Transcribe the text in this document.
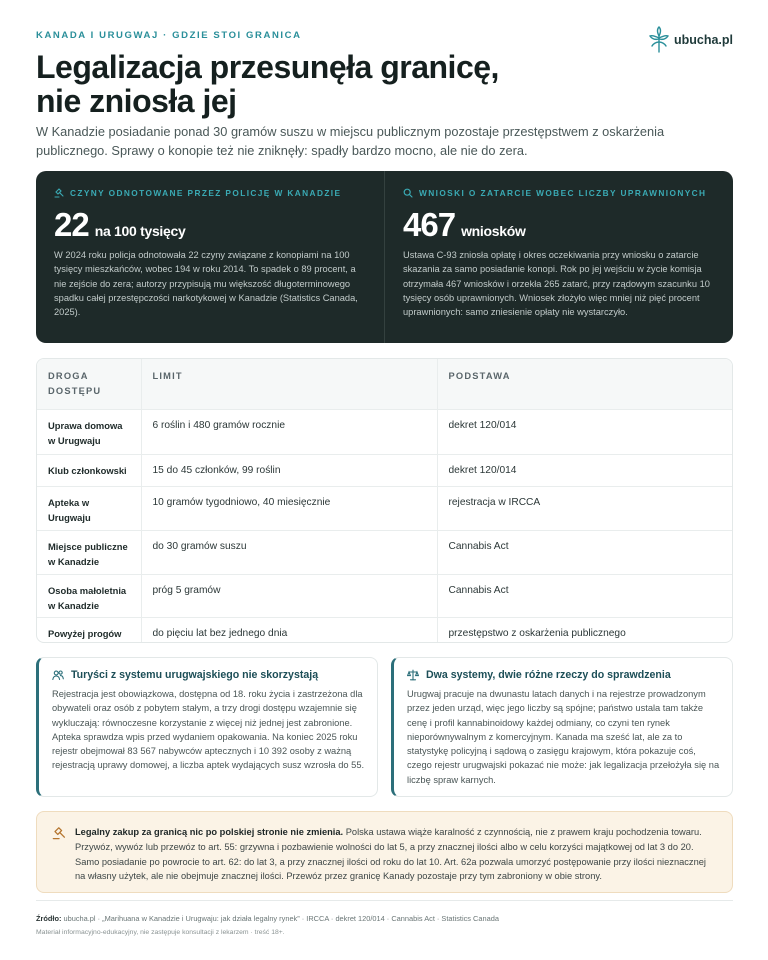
KANADA I URUGWAJ · GDZIE STOI GRANICA	ubucha.pl
Legalizacja przesunęła granicę,
nie zniosła jej

W Kanadzie posiadanie ponad 30 gramów suszu w miejscu publicznym pozostaje przestępstwem z oskarżenia publicznego. Sprawy o konopie też nie zniknęły: spadły bardzo mocno, ale nie do zera.

CZYNY ODNOTOWANE PRZEZ POLICJĘ W KANADZIE
22 na 100 tysięcy

W 2024 roku policja odnotowała 22 czyny związane z konopiami na 100 tysięcy mieszkańców, wobec 194 w roku 2014. To spadek o 89 procent, a nie zejście do zera; autorzy przypisują mu większość długoterminowego spadku całej przestępczości narkotykowej w Kanadzie (Statistics Canada, 2025).

WNIOSKI O ZATARCIE WOBEC LICZBY UPRAWNIONYCH
467 wniosków

Ustawa C-93 zniosła opłatę i okres oczekiwania przy wniosku o zatarcie skazania za samo posiadanie konopi. Rok po jej wejściu w życie komisja otrzymała 467 wniosków i orzekła 265 zatarć, przy rządowym szacunku 10 tysięcy osób uprawnionych. Wniosek złożyło więc mniej niż pięć procent uprawnionych: samo zniesienie opłaty nie wystarczyło.

DROGA DOSTĘPU	LIMIT	PODSTAWA
Uprawa domowa w Urugwaju	6 roślin i 480 gramów rocznie	dekret 120/014
Klub członkowski	15 do 45 członków, 99 roślin	dekret 120/014
Apteka w Urugwaju	10 gramów tygodniowo, 40 miesięcznie	rejestracja w IRCCA
Miejsce publiczne w Kanadzie	do 30 gramów suszu	Cannabis Act
Osoba małoletnia w Kanadzie	próg 5 gramów	Cannabis Act
Powyżej progów	do pięciu lat bez jednego dnia	przestępstwo z oskarżenia publicznego
Turyści z systemu urugwajskiego nie skorzystają

Rejestracja jest obowiązkowa, dostępna od 18. roku życia i zastrzeżona dla obywateli oraz osób z pobytem stałym, a trzy drogi dostępu wzajemnie się wykluczają: równoczesne korzystanie z więcej niż jednej jest zabronione. Apteka sprawdza wpis przed wydaniem opakowania. Na koniec 2025 roku rejestr obejmował 83 567 nabywców aptecznych i 10 392 osoby z ważną rejestracją uprawy domowej, a liczba aptek wydających susz wzrosła do 55.

Dwa systemy, dwie różne rzeczy do sprawdzenia

Urugwaj pracuje na dwunastu latach danych i na rejestrze prowadzonym przez jeden urząd, więc jego liczby są spójne; państwo ustala tam także cenę i profil kannabinoidowy każdej odmiany, co czyni ten rynek nieporównywalnym z komercyjnym. Kanada ma sześć lat, ale za to statystykę policyjną i sądową o zasięgu krajowym, która pokazuje coś, czego rejestr urugwajski pokazać nie może: jak legalizacja przełożyła się na liczbę spraw karnych.

Legalny zakup za granicą nic po polskiej stronie nie zmienia. Polska ustawa wiąże karalność z czynnością, nie z prawem kraju pochodzenia towaru. Przywóz, wywóz lub przewóz to art. 55: grzywna i pozbawienie wolności do lat 5, a przy znacznej ilości albo w celu korzyści majątkowej od lat 3 do 20. Samo posiadanie po powrocie to art. 62: do lat 3, a przy znacznej ilości od roku do lat 10. Art. 62a pozwala umorzyć postępowanie przy ilości nieznacznej na własny użytek, ale nie obejmuje znacznej ilości. Przewóz przez granicę Kanady pozostaje przy tym zabroniony w obie strony.

Źródło: ubucha.pl · „Marihuana w Kanadzie i Urugwaju: jak działa legalny rynek” · IRCCA · dekret 120/014 · Cannabis Act · Statistics Canada

Materiał informacyjno-edukacyjny, nie zastępuje konsultacji z lekarzem · treść 18+.
